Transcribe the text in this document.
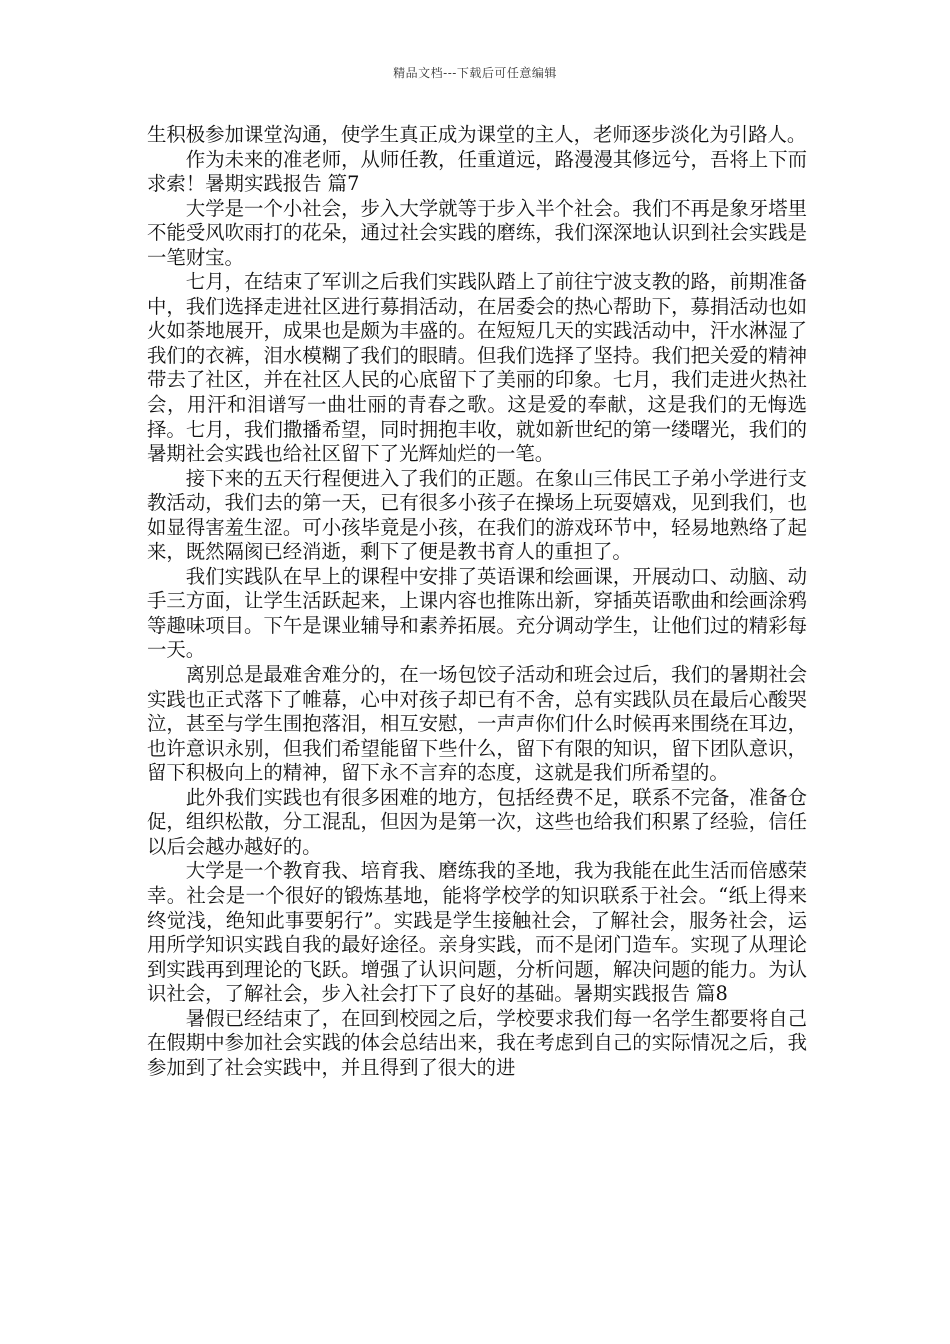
精品文档---下载后可任意编辑

生积极参加课堂沟通，使学生真正成为课堂的主人，老师逐步淡化为引路人。

作为未来的准老师，从师任教，任重道远，路漫漫其修远兮，吾将上下而求索！暑期实践报告 篇7

大学是一个小社会，步入大学就等于步入半个社会。我们不再是象牙塔里不能受风吹雨打的花朵，通过社会实践的磨练，我们深深地认识到社会实践是一笔财宝。

七月，在结束了军训之后我们实践队踏上了前往宁波支教的路，前期准备中，我们选择走进社区进行募捐活动，在居委会的热心帮助下，募捐活动也如火如荼地展开，成果也是颇为丰盛的。在短短几天的实践活动中，汗水淋湿了我们的衣裤，泪水模糊了我们的眼睛。但我们选择了坚持。我们把关爱的精神带去了社区，并在社区人民的心底留下了美丽的印象。七月，我们走进火热社会，用汗和泪谱写一曲壮丽的青春之歌。这是爱的奉献，这是我们的无悔选择。七月，我们撒播希望，同时拥抱丰收，就如新世纪的第一缕曙光，我们的暑期社会实践也给社区留下了光辉灿烂的一笔。

接下来的五天行程便进入了我们的正题。在象山三伟民工子弟小学进行支教活动，我们去的第一天，已有很多小孩子在操场上玩耍嬉戏，见到我们，也如显得害羞生涩。可小孩毕竟是小孩，在我们的游戏环节中，轻易地熟络了起来，既然隔阂已经消逝，剩下了便是教书育人的重担了。

我们实践队在早上的课程中安排了英语课和绘画课，开展动口、动脑、动手三方面，让学生活跃起来，上课内容也推陈出新，穿插英语歌曲和绘画涂鸦等趣味项目。下午是课业辅导和素养拓展。充分调动学生，让他们过的精彩每一天。

离别总是最难舍难分的，在一场包饺子活动和班会过后，我们的暑期社会实践也正式落下了帷幕，心中对孩子却已有不舍，总有实践队员在最后心酸哭泣，甚至与学生围抱落泪，相互安慰，一声声你们什么时候再来围绕在耳边，也许意识永别，但我们希望能留下些什么，留下有限的知识，留下团队意识，留下积极向上的精神，留下永不言弃的态度，这就是我们所希望的。

此外我们实践也有很多困难的地方，包括经费不足，联系不完备，准备仓促，组织松散，分工混乱，但因为是第一次，这些也给我们积累了经验，信任以后会越办越好的。

大学是一个教育我、培育我、磨练我的圣地，我为我能在此生活而倍感荣幸。社会是一个很好的锻炼基地，能将学校学的知识联系于社会。“纸上得来终觉浅，绝知此事要躬行”。实践是学生接触社会，了解社会，服务社会，运用所学知识实践自我的最好途径。亲身实践，而不是闭门造车。实现了从理论到实践再到理论的飞跃。增强了认识问题，分析问题，解决问题的能力。为认识社会，了解社会，步入社会打下了良好的基础。暑期实践报告 篇8

暑假已经结束了，在回到校园之后，学校要求我们每一名学生都要将自己在假期中参加社会实践的体会总结出来，我在考虑到自己的实际情况之后，我参加到了社会实践中，并且得到了很大的进
